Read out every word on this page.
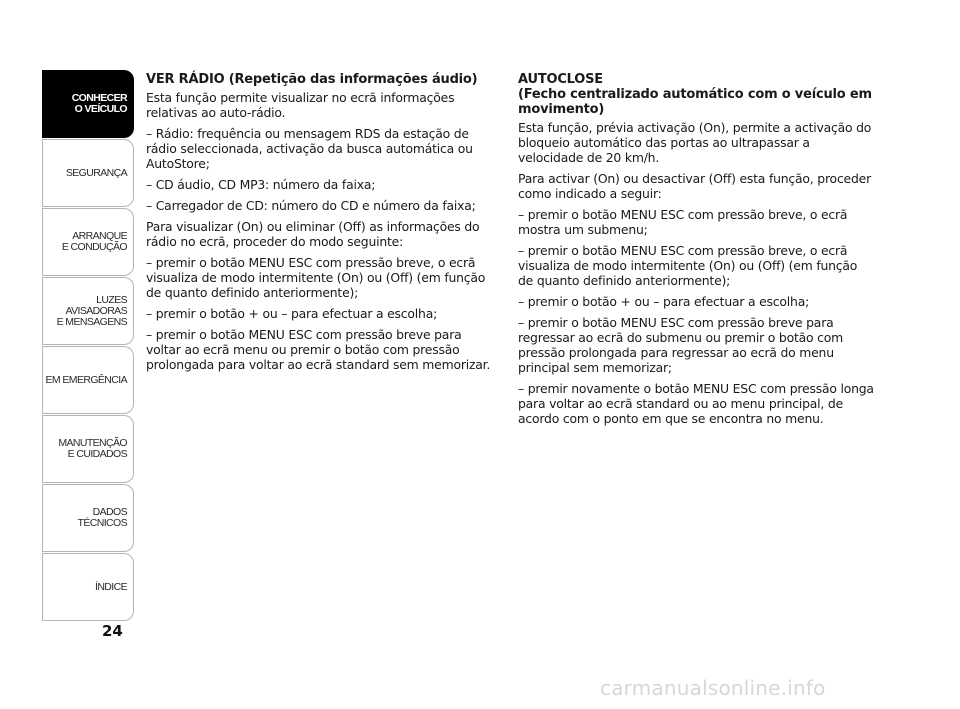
CONHECER
O VEÍCULO
SEGURANÇA
ARRANQUE
E CONDUÇÃO
LUZES
AVISADORAS
E MENSAGENS
EM EMERGÊNCIA
MANUTENÇÃO
E CUIDADOS
DADOS
TÉCNICOS
ÍNDICE
24

VER RÁDIO (Repetição das informações áudio)

Esta função permite visualizar no ecrã informações relativas ao auto-rádio.

– Rádio: frequência ou mensagem RDS da estação de rádio seleccionada, activação da busca automática ou AutoStore;

– CD áudio, CD MP3: número da faixa;

– Carregador de CD: número do CD e número da faixa;

Para visualizar (On) ou eliminar (Off) as informações do rádio no ecrã, proceder do modo seguinte:

– premir o botão MENU ESC com pressão breve, o ecrã visualiza de modo intermitente (On) ou (Off) (em função de quanto definido anteriormente);

– premir o botão + ou – para efectuar a escolha;

– premir o botão MENU ESC com pressão breve para voltar ao ecrã menu ou premir o botão com pressão prolongada para voltar ao ecrã standard sem memorizar.

AUTOCLOSE
(Fecho centralizado automático com o veículo em movimento)

Esta função, prévia activação (On), permite a activação do bloqueio automático das portas ao ultrapassar a velocidade de 20 km/h.

Para activar (On) ou desactivar (Off) esta função, proceder como indicado a seguir:

– premir o botão MENU ESC com pressão breve, o ecrã mostra um submenu;

– premir o botão MENU ESC com pressão breve, o ecrã visualiza de modo intermitente (On) ou (Off) (em função de quanto definido anteriormente);

– premir o botão + ou – para efectuar a escolha;

– premir o botão MENU ESC com pressão breve para regressar ao ecrã do submenu ou premir o botão com pressão prolongada para regressar ao ecrã do menu principal sem memorizar;

– premir novamente o botão MENU ESC com pressão longa para voltar ao ecrã standard ou ao menu principal, de acordo com o ponto em que se encontra no menu.

carmanualsonline.info
